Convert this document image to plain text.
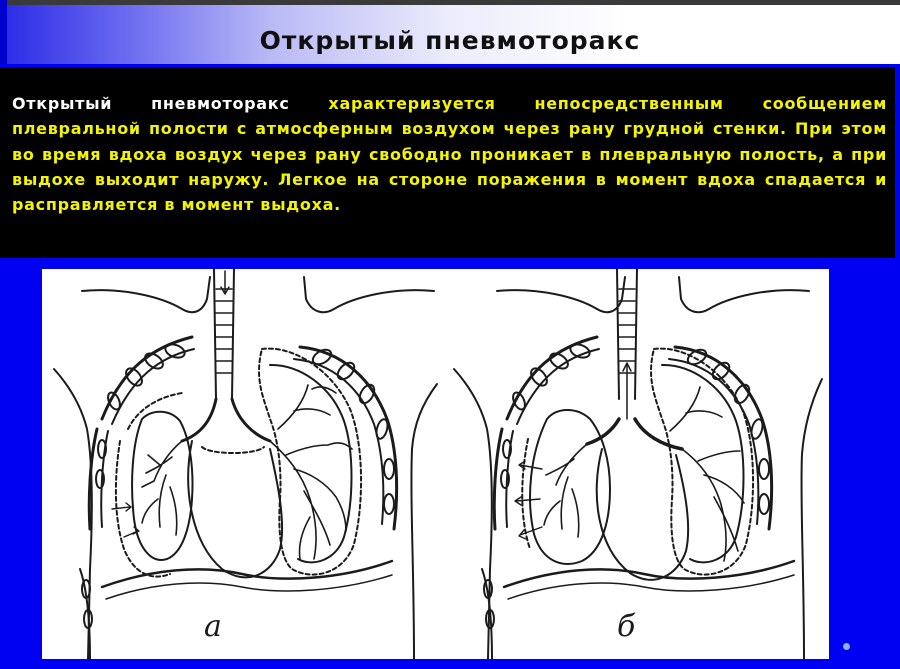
Открытый пневмоторакс
Открытый пневмоторакс характеризуется непосредственным сообщением плевральной полости с атмосферным воздухом через рану грудной стенки. При этом во время вдоха воздух через рану свободно проникает в плевральную полость, а при выдохе выходит наружу. Легкое на стороне поражения в момент вдоха спадается и расправляется в момент выдоха.
а	б
